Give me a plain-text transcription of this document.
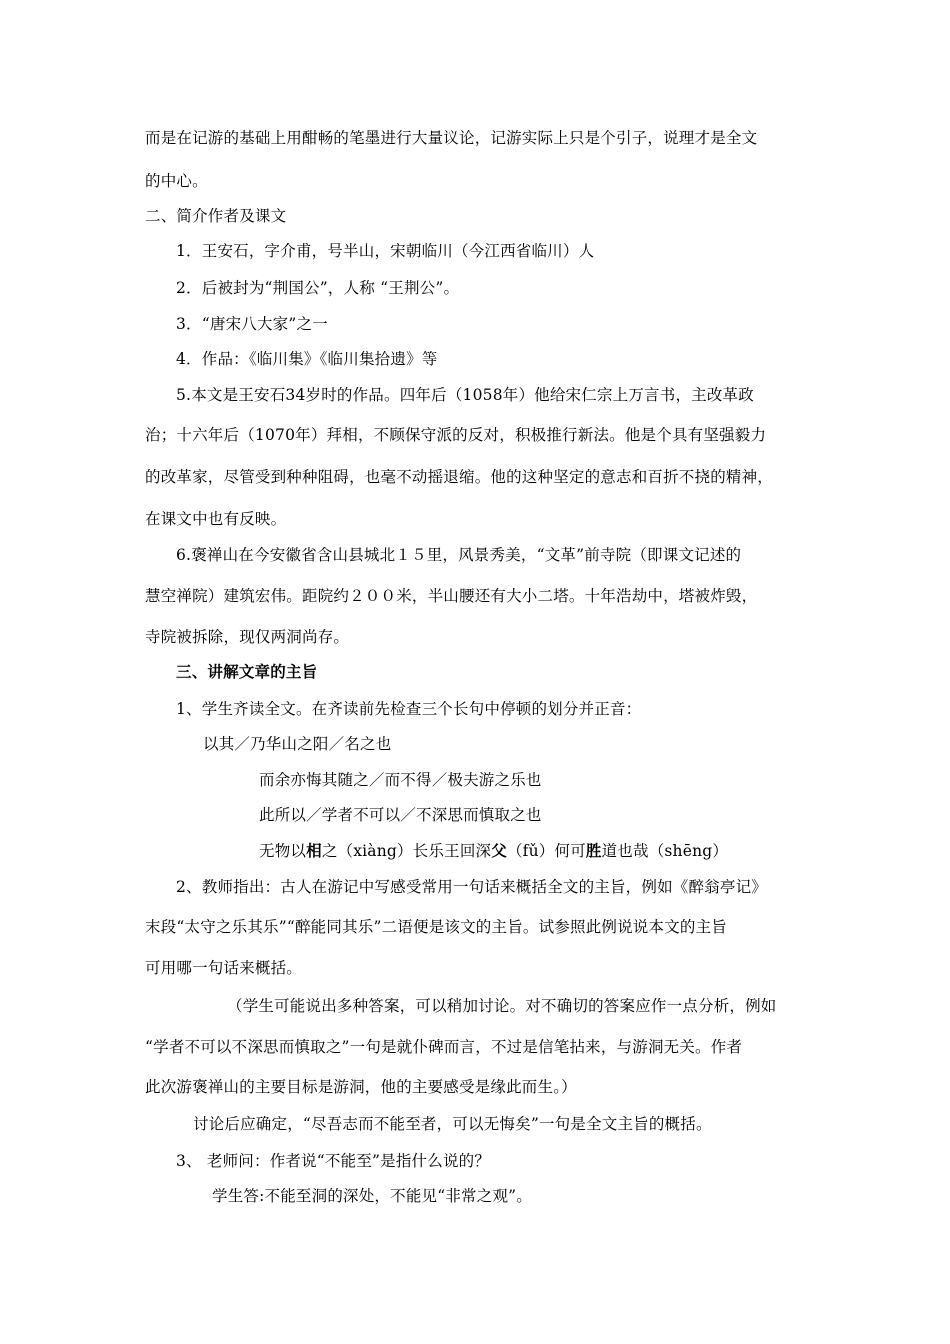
而是在记游的基础上用酣畅的笔墨进行大量议论，记游实际上只是个引子，说理才是全文
的中心。
二、简介作者及课文
1．王安石，字介甫，号半山，宋朝临川（今江西省临川）人
2．后被封为“荆国公”，人称 “王荆公”。
3．“唐宋八大家”之一
4．作品：《临川集》《临川集拾遗》等
5.本文是王安石34岁时的作品。四年后（1058年）他给宋仁宗上万言书，主改革政
治；十六年后（1070年）拜相，不顾保守派的反对，积极推行新法。他是个具有坚强毅力
的改革家，尽管受到种种阻碍，也毫不动摇退缩。他的这种坚定的意志和百折不挠的精神，
在课文中也有反映。
6.褒禅山在今安徽省含山县城北１５里，风景秀美，“文革”前寺院（即课文记述的
慧空禅院）建筑宏伟。距院约２００米，半山腰还有大小二塔。十年浩劫中，塔被炸毁，
寺院被拆除，现仅两洞尚存。
三、讲解文章的主旨
1、学生齐读全文。在齐读前先检查三个长句中停顿的划分并正音：
以其／乃华山之阳／名之也
而余亦悔其随之／而不得／极夫游之乐也
此所以／学者不可以／不深思而慎取之也
无物以相之（xiàng）长乐王回深父（fǔ）何可胜道也哉（shēng）
2、教师指出：古人在游记中写感受常用一句话来概括全文的主旨，例如《醉翁亭记》
末段“太守之乐其乐”“醉能同其乐”二语便是该文的主旨。试参照此例说说本文的主旨
可用哪一句话来概括。
（学生可能说出多种答案，可以稍加讨论。对不确切的答案应作一点分析，例如
“学者不可以不深思而慎取之”一句是就仆碑而言，不过是信笔拈来，与游洞无关。作者
此次游褒禅山的主要目标是游洞，他的主要感受是缘此而生。）
讨论后应确定，“尽吾志而不能至者，可以无悔矣”一句是全文主旨的概括。
3、 老师问：作者说“不能至”是指什么说的？
学生答:不能至洞的深处，不能见“非常之观”。
